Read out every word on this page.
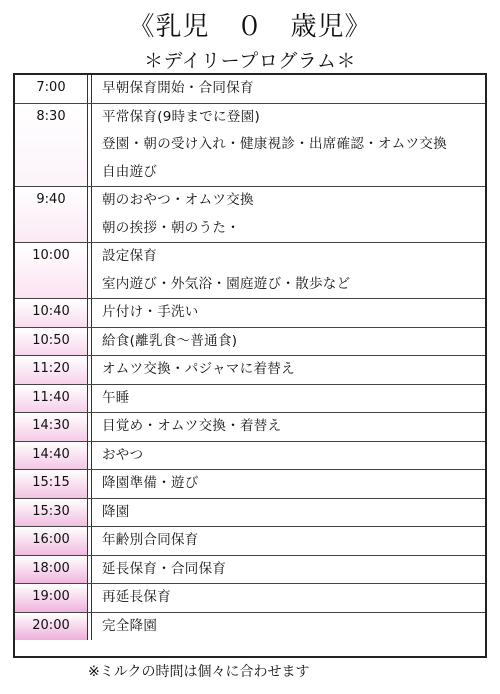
《乳児　０　歳児》
＊デイリープログラム＊
7:00	早朝保育開始・合同保育
8:30	平常保育(9時までに登園)
登園・朝の受け入れ・健康視診・出席確認・オムツ交換
自由遊び
9:40	朝のおやつ・オムツ交換
朝の挨拶・朝のうた・
10:00	設定保育
室内遊び・外気浴・園庭遊び・散歩など
10:40	片付け・手洗い
10:50	給食(離乳食～普通食)
11:20	オムツ交換・パジャマに着替え
11:40	午睡
14:30	目覚め・オムツ交換・着替え
14:40	おやつ
15:15	降園準備・遊び
15:30	降園
16:00	年齢別合同保育
18:00	延長保育・合同保育
19:00	再延長保育
20:00	完全降園
※ミルクの時間は個々に合わせます
